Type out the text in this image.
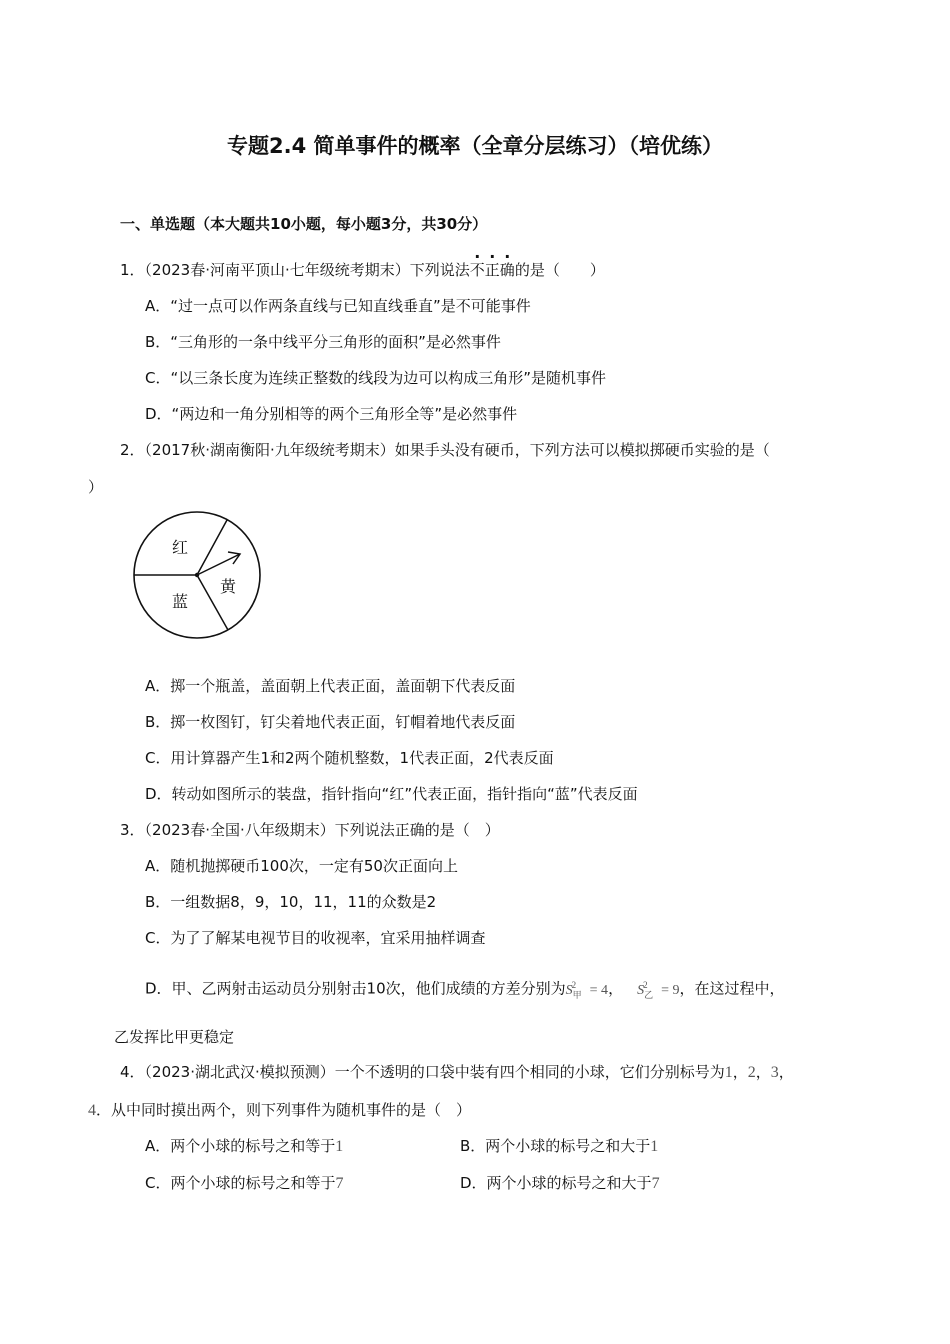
专题2.4 简单事件的概率（全章分层练习）（培优练）
一、单选题（本大题共10小题，每小题3分，共30分）
1．（2023春·河南平顶山·七年级统考期末）下列说法不正确的是（　　）
A．“过一点可以作两条直线与已知直线垂直”是不可能事件
B．“三角形的一条中线平分三角形的面积”是必然事件
C．“以三条长度为连续正整数的线段为边可以构成三角形”是随机事件
D．“两边和一角分别相等的两个三角形全等”是必然事件
2．（2017秋·湖南衡阳·九年级统考期末）如果手头没有硬币，下列方法可以模拟掷硬币实验的是（
）
红
黄
蓝
A．掷一个瓶盖，盖面朝上代表正面，盖面朝下代表反面
B．掷一枚图钉，钉尖着地代表正面，钉帽着地代表反面
C．用计算器产生1和2两个随机整数，1代表正面，2代表反面
D．转动如图所示的装盘，指针指向“红”代表正面，指针指向“蓝”代表反面
3．（2023春·全国·八年级期末）下列说法正确的是（　）
A．随机抛掷硬币100次，一定有50次正面向上
B．一组数据8，9，10，11，11的众数是2
C．为了了解某电视节目的收视率，宜采用抽样调查
D．甲、乙两射击运动员分别射击10次，他们成绩的方差分别为$S_甲^2 = 4$， $S_乙^2 = 9$，在这过程中，
乙发挥比甲更稳定
4．（2023·湖北武汉·模拟预测）一个不透明的口袋中装有四个相同的小球，它们分别标号为1，2，3，
4．从中同时摸出两个，则下列事件为随机事件的是（　）
A．两个小球的标号之和等于1	B．两个小球的标号之和大于1
C．两个小球的标号之和等于7	D．两个小球的标号之和大于7
